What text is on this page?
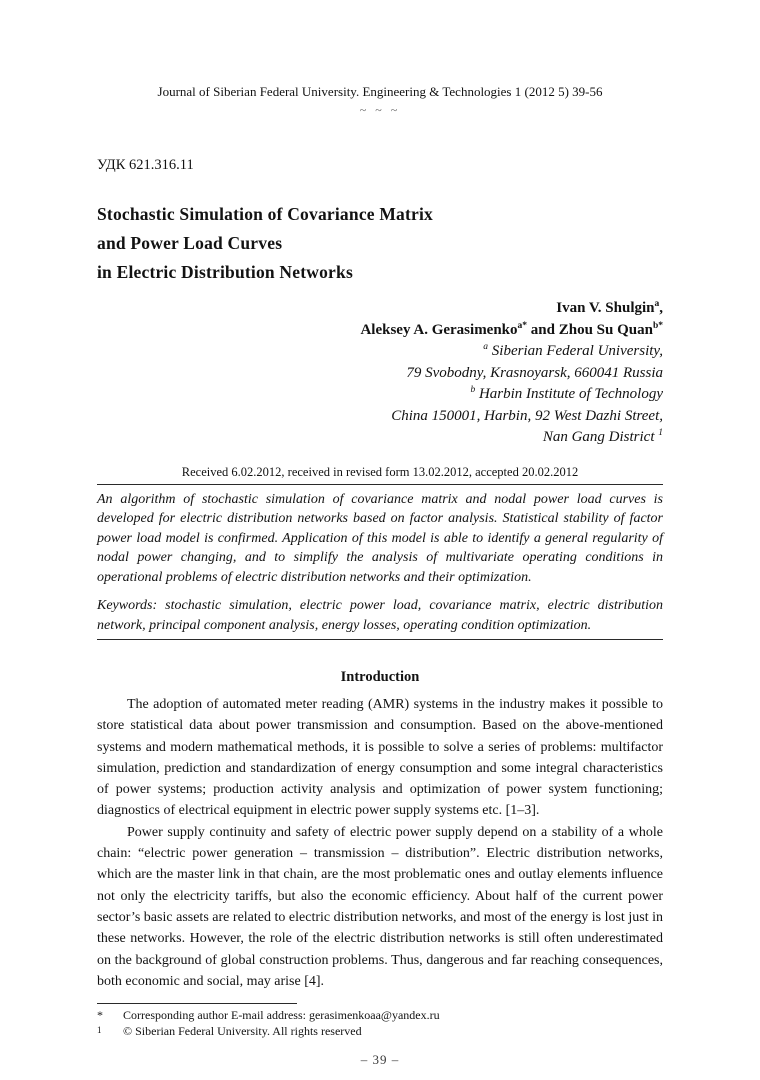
Journal of Siberian Federal University. Engineering & Technologies 1 (2012 5) 39-56
~ ~ ~
УДК 621.316.11
Stochastic Simulation of Covariance Matrix
and Power Load Curves
in Electric Distribution Networks
Ivan V. Shulgin$^a$,
Aleksey A. Gerasimenko$^{a*}$ and Zhou Su Quan$^{b*}$
$^a$ Siberian Federal University,
79 Svobodny, Krasnoyarsk, 660041 Russia
$^b$ Harbin Institute of Technology
China 150001, Harbin, 92 West Dazhi Street,
Nan Gang District $^1$
Received 6.02.2012, received in revised form 13.02.2012, accepted 20.02.2012

An algorithm of stochastic simulation of covariance matrix and nodal power load curves is developed for electric distribution networks based on factor analysis. Statistical stability of factor power load model is confirmed. Application of this model is able to identify a general regularity of nodal power changing, and to simplify the analysis of multivariate operating conditions in operational problems of electric distribution networks and their optimization.

Keywords: stochastic simulation, electric power load, covariance matrix, electric distribution network, principal component analysis, energy losses, operating condition optimization.

Introduction

The adoption of automated meter reading (AMR) systems in the industry makes it possible to store statistical data about power transmission and consumption. Based on the above-mentioned systems and modern mathematical methods, it is possible to solve a series of problems: multifactor simulation, prediction and standardization of energy consumption and some integral characteristics of power systems; production activity analysis and optimization of power system functioning; diagnostics of electrical equipment in electric power supply systems etc. [1–3].

Power supply continuity and safety of electric power supply depend on a stability of a whole chain: “electric power generation – transmission – distribution”. Electric distribution networks, which are the master link in that chain, are the most problematic ones and outlay elements influence not only the electricity tariffs, but also the economic efficiency. About half of the current power sector’s basic assets are related to electric distribution networks, and most of the energy is lost just in these networks. However, the role of the electric distribution networks is still often underestimated on the background of global construction problems. Thus, dangerous and far reaching consequences, both economic and social, may arise [4].

*	Corresponding author E-mail address: gerasimenkoaa@yandex.ru
1	© Siberian Federal University. All rights reserved
– 39 –
